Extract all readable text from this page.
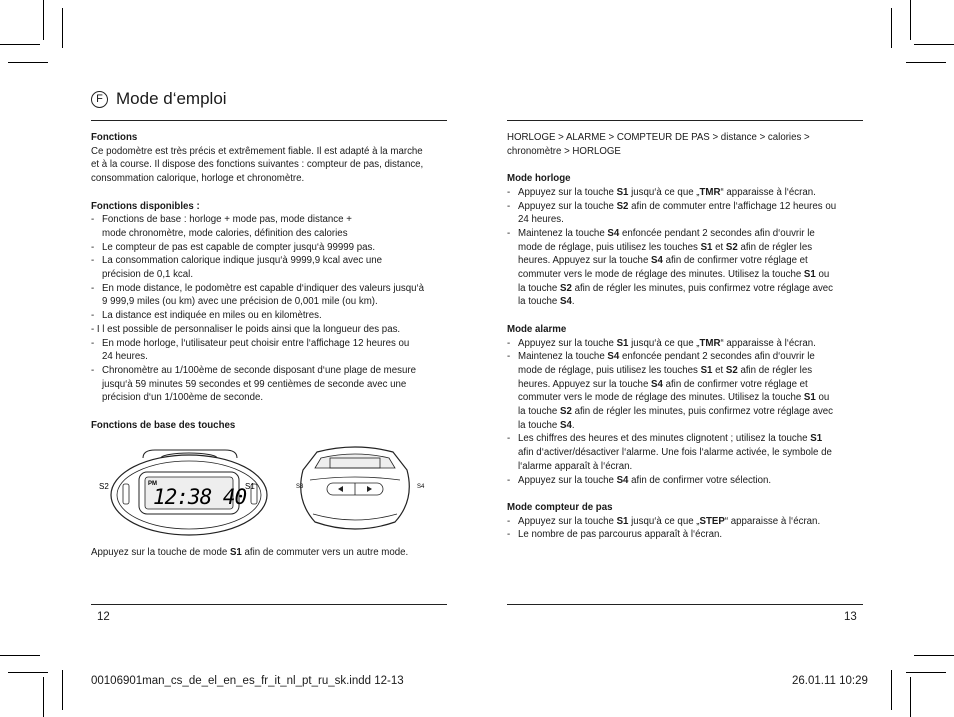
F Mode d‘emploi

Fonctions

Ce podomètre est très précis et extrêmement fiable. Il est adapté à la marche

et à la course. Il dispose des fonctions suivantes : compteur de pas, distance,

consommation calorique, horloge et chronomètre.

Fonctions disponibles :

- Fonctions de base : horloge + mode pas, mode distance +
mode chronomètre, mode calories, définition des calories
- Le compteur de pas est capable de compter jusqu‘à 99999 pas.
- La consommation calorique indique jusqu‘à 9999,9 kcal avec une
précision de 0,1 kcal.
- En mode distance, le podomètre est capable d‘indiquer des valeurs jusqu‘à
9 999,9 miles (ou km) avec une précision de 0,001 mile (ou km).
- La distance est indiquée en miles ou en kilomètres.
- I l est possible de personnaliser le poids ainsi que la longueur des pas.
- En mode horloge, l‘utilisateur peut choisir entre l‘affichage 12 heures ou
24 heures.
- Chronomètre au 1/100ème de seconde disposant d‘une plage de mesure
jusqu‘à 59 minutes 59 secondes et 99 centièmes de seconde avec une
précision d‘un 1/100ème de seconde.

Fonctions de base des touches

PM
12:38 40
S2	S1	S3	S4

Appuyez sur la touche de mode S1 afin de commuter vers un autre mode.

HORLOGE > ALARME > COMPTEUR DE PAS > distance > calories >

chronomètre > HORLOGE

Mode horloge

- Appuyez sur la touche S1 jusqu‘à ce que „TMR“ apparaisse à l‘écran.
- Appuyez sur la touche S2 afin de commuter entre l‘affichage 12 heures ou
24 heures.
- Maintenez la touche S4 enfoncée pendant 2 secondes afin d‘ouvrir le
mode de réglage, puis utilisez les touches S1 et S2 afin de régler les
heures. Appuyez sur la touche S4 afin de confirmer votre réglage et
commuter vers le mode de réglage des minutes. Utilisez la touche S1 ou
la touche S2 afin de régler les minutes, puis confirmez votre réglage avec
la touche S4.

Mode alarme

- Appuyez sur la touche S1 jusqu‘à ce que „TMR“ apparaisse à l‘écran.
- Maintenez la touche S4 enfoncée pendant 2 secondes afin d‘ouvrir le
mode de réglage, puis utilisez les touches S1 et S2 afin de régler les
heures. Appuyez sur la touche S4 afin de confirmer votre réglage et
commuter vers le mode de réglage des minutes. Utilisez la touche S1 ou
la touche S2 afin de régler les minutes, puis confirmez votre réglage avec
la touche S4.
- Les chiffres des heures et des minutes clignotent ; utilisez la touche S1
afin d‘activer/désactiver l‘alarme. Une fois l‘alarme activée, le symbole de
l‘alarme apparaît à l‘écran.
- Appuyez sur la touche S4 afin de confirmer votre sélection.

Mode compteur de pas

- Appuyez sur la touche S1 jusqu‘à ce que „STEP“ apparaisse à l‘écran.
- Le nombre de pas parcourus apparaît à l‘écran.
12	13
00106901man_cs_de_el_en_es_fr_it_nl_pt_ru_sk.indd 12-13	26.01.11 10:29
